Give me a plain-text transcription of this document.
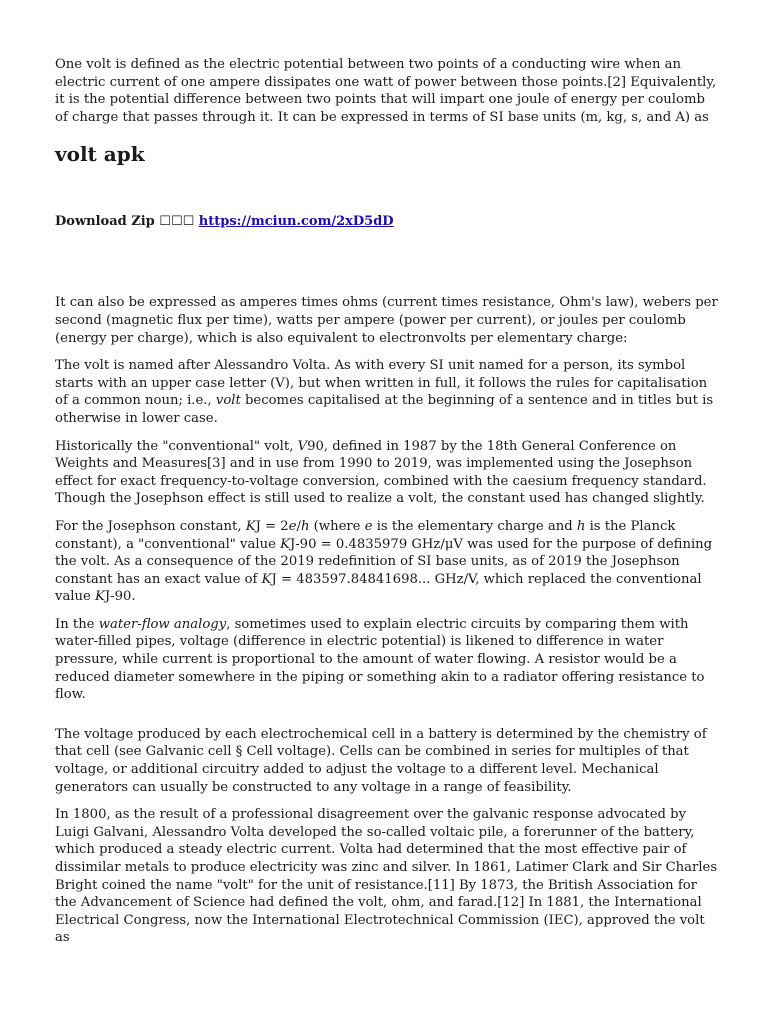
One volt is defined as the electric potential between two points of a conducting wire when an electric current of one ampere dissipates one watt of power between those points.[2] Equivalently, it is the potential difference between two points that will impart one joule of energy per coulomb of charge that passes through it. It can be expressed in terms of SI base units (m, kg, s, and A) as

volt apk
Download Zip ☐☐☐ https://mciun.com/2xD5dD

It can also be expressed as amperes times ohms (current times resistance, Ohm's law), webers per second (magnetic flux per time), watts per ampere (power per current), or joules per coulomb (energy per charge), which is also equivalent to electronvolts per elementary charge:

The volt is named after Alessandro Volta. As with every SI unit named for a person, its symbol starts with an upper case letter (V), but when written in full, it follows the rules for capitalisation of a common noun; i.e., volt becomes capitalised at the beginning of a sentence and in titles but is otherwise in lower case.

Historically the "conventional" volt, V90, defined in 1987 by the 18th General Conference on Weights and Measures[3] and in use from 1990 to 2019, was implemented using the Josephson effect for exact frequency-to-voltage conversion, combined with the caesium frequency standard. Though the Josephson effect is still used to realize a volt, the constant used has changed slightly.

For the Josephson constant, KJ = 2e/h (where e is the elementary charge and h is the Planck constant), a "conventional" value KJ-90 = 0.4835979 GHz/μV was used for the purpose of defining the volt. As a consequence of the 2019 redefinition of SI base units, as of 2019 the Josephson constant has an exact value of KJ = 483597.84841698... GHz/V, which replaced the conventional value KJ-90.

In the water-flow analogy, sometimes used to explain electric circuits by comparing them with water-filled pipes, voltage (difference in electric potential) is likened to difference in water pressure, while current is proportional to the amount of water flowing. A resistor would be a reduced diameter somewhere in the piping or something akin to a radiator offering resistance to flow.

The voltage produced by each electrochemical cell in a battery is determined by the chemistry of that cell (see Galvanic cell § Cell voltage). Cells can be combined in series for multiples of that voltage, or additional circuitry added to adjust the voltage to a different level. Mechanical generators can usually be constructed to any voltage in a range of feasibility.

In 1800, as the result of a professional disagreement over the galvanic response advocated by Luigi Galvani, Alessandro Volta developed the so-called voltaic pile, a forerunner of the battery, which produced a steady electric current. Volta had determined that the most effective pair of dissimilar metals to produce electricity was zinc and silver. In 1861, Latimer Clark and Sir Charles Bright coined the name "volt" for the unit of resistance.[11] By 1873, the British Association for the Advancement of Science had defined the volt, ohm, and farad.[12] In 1881, the International Electrical Congress, now the International Electrotechnical Commission (IEC), approved the volt as
